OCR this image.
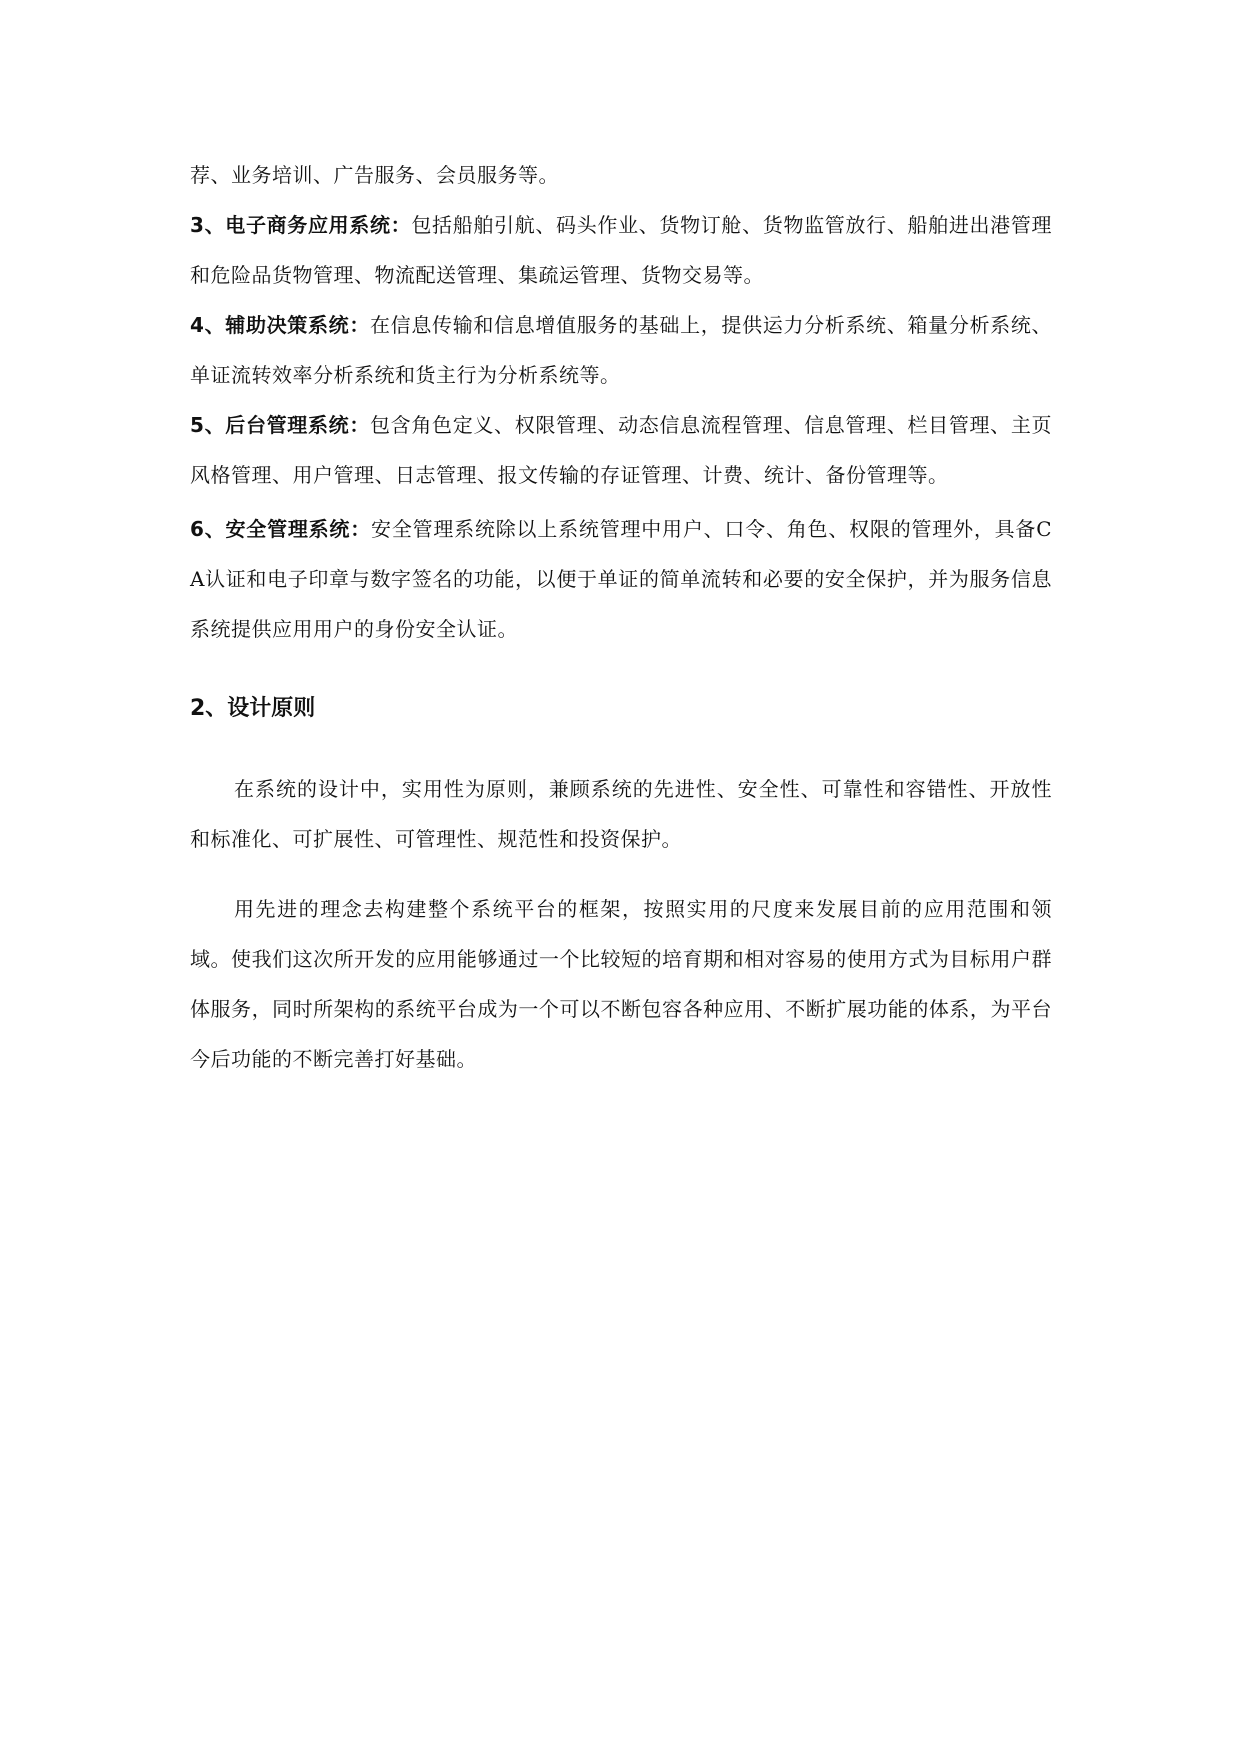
荐、业务培训、广告服务、会员服务等。

3、电子商务应用系统：包括船舶引航、码头作业、货物订舱、货物监管放行、船舶进出港管理和危险品货物管理、物流配送管理、集疏运管理、货物交易等。

4、辅助决策系统：在信息传输和信息增值服务的基础上，提供运力分析系统、箱量分析系统、单证流转效率分析系统和货主行为分析系统等。

5、后台管理系统：包含角色定义、权限管理、动态信息流程管理、信息管理、栏目管理、主页风格管理、用户管理、日志管理、报文传输的存证管理、计费、统计、备份管理等。

6、安全管理系统：安全管理系统除以上系统管理中用户、口令、角色、权限的管理外，具备CA认证和电子印章与数字签名的功能，以便于单证的简单流转和必要的安全保护，并为服务信息系统提供应用用户的身份安全认证。

2、设计原则

在系统的设计中，实用性为原则，兼顾系统的先进性、安全性、可靠性和容错性、开放性和标准化、可扩展性、可管理性、规范性和投资保护。

用先进的理念去构建整个系统平台的框架，按照实用的尺度来发展目前的应用范围和领域。使我们这次所开发的应用能够通过一个比较短的培育期和相对容易的使用方式为目标用户群体服务，同时所架构的系统平台成为一个可以不断包容各种应用、不断扩展功能的体系，为平台今后功能的不断完善打好基础。
